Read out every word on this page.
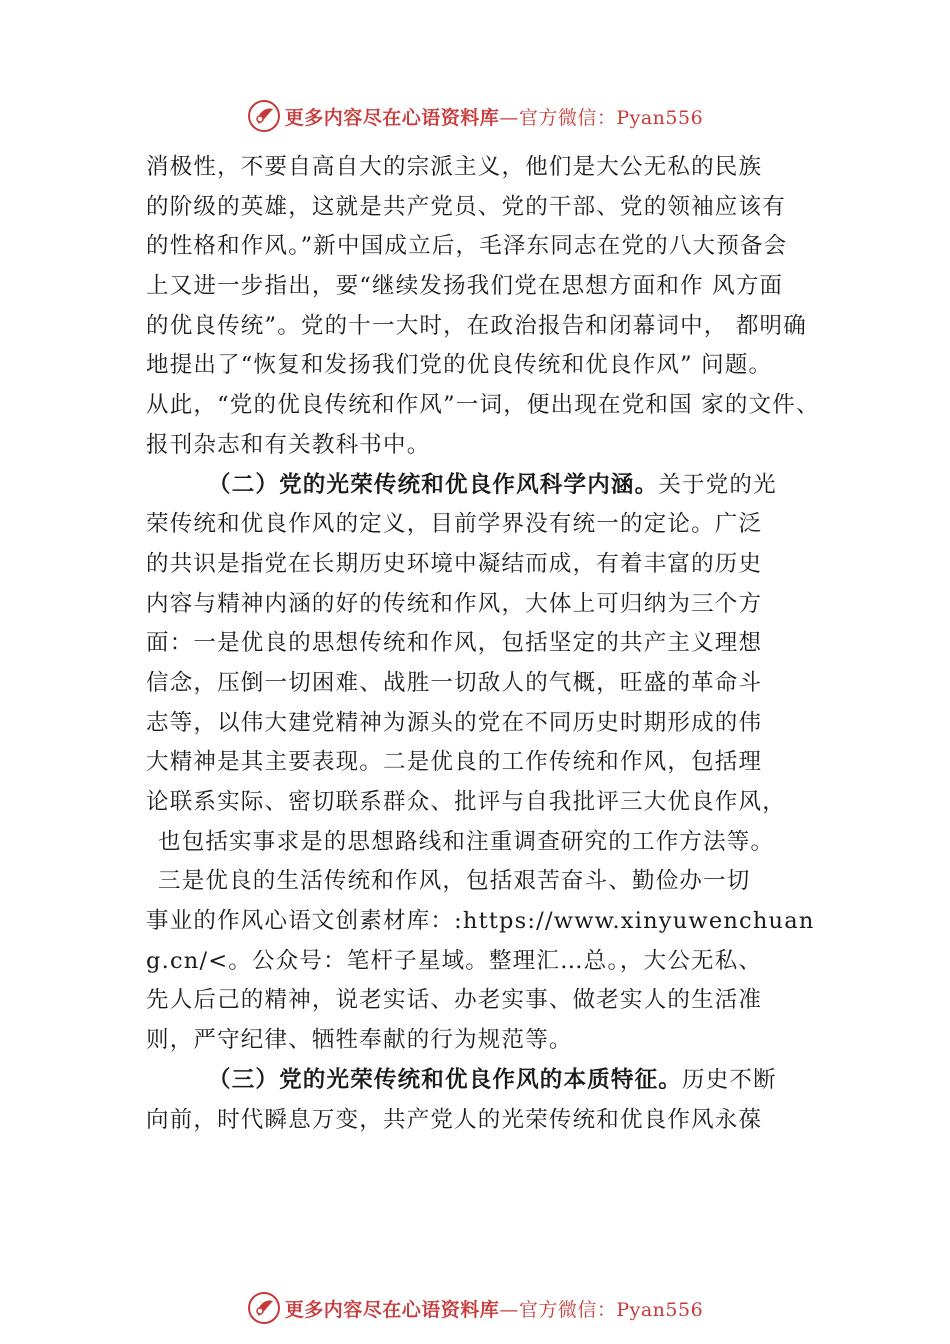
更多内容尽在心语资料库—官方微信：Pyan556
消极性，不要自高自大的宗派主义，他们是大公无私的民族
的阶级的英雄，这就是共产党员、党的干部、党的领袖应该有
的性格和作风。”新中国成立后，毛泽东同志在党的八大预备会
上又进一步指出，要“继续发扬我们党在思想方面和作 风方面
的优良传统”。党的十一大时，在政治报告和闭幕词中， 都明确
地提出了“恢复和发扬我们党的优良传统和优良作风” 问题。
从此，“党的优良传统和作风”一词，便出现在党和国 家的文件、
报刊杂志和有关教科书中。
（二）党的光荣传统和优良作风科学内涵。关于党的光
荣传统和优良作风的定义，目前学界没有统一的定论。广泛
的共识是指党在长期历史环境中凝结而成，有着丰富的历史
内容与精神内涵的好的传统和作风，大体上可归纳为三个方
面：一是优良的思想传统和作风，包括坚定的共产主义理想
信念，压倒一切困难、战胜一切敌人的气概，旺盛的革命斗
志等，以伟大建党精神为源头的党在不同历史时期形成的伟
大精神是其主要表现。二是优良的工作传统和作风，包括理
论联系实际、密切联系群众、批评与自我批评三大优良作风，
也包括实事求是的思想路线和注重调查研究的工作方法等。
三是优良的生活传统和作风，包括艰苦奋斗、勤俭办一切
事业的作风心语文创素材库：:https://www.xinyuwenchuan
g.cn/<。公众号：笔杆子星域。整理汇…总。，大公无私、
先人后己的精神，说老实话、办老实事、做老实人的生活准
则，严守纪律、牺牲奉献的行为规范等。
（三）党的光荣传统和优良作风的本质特征。历史不断
向前，时代瞬息万变，共产党人的光荣传统和优良作风永葆
更多内容尽在心语资料库—官方微信：Pyan556
